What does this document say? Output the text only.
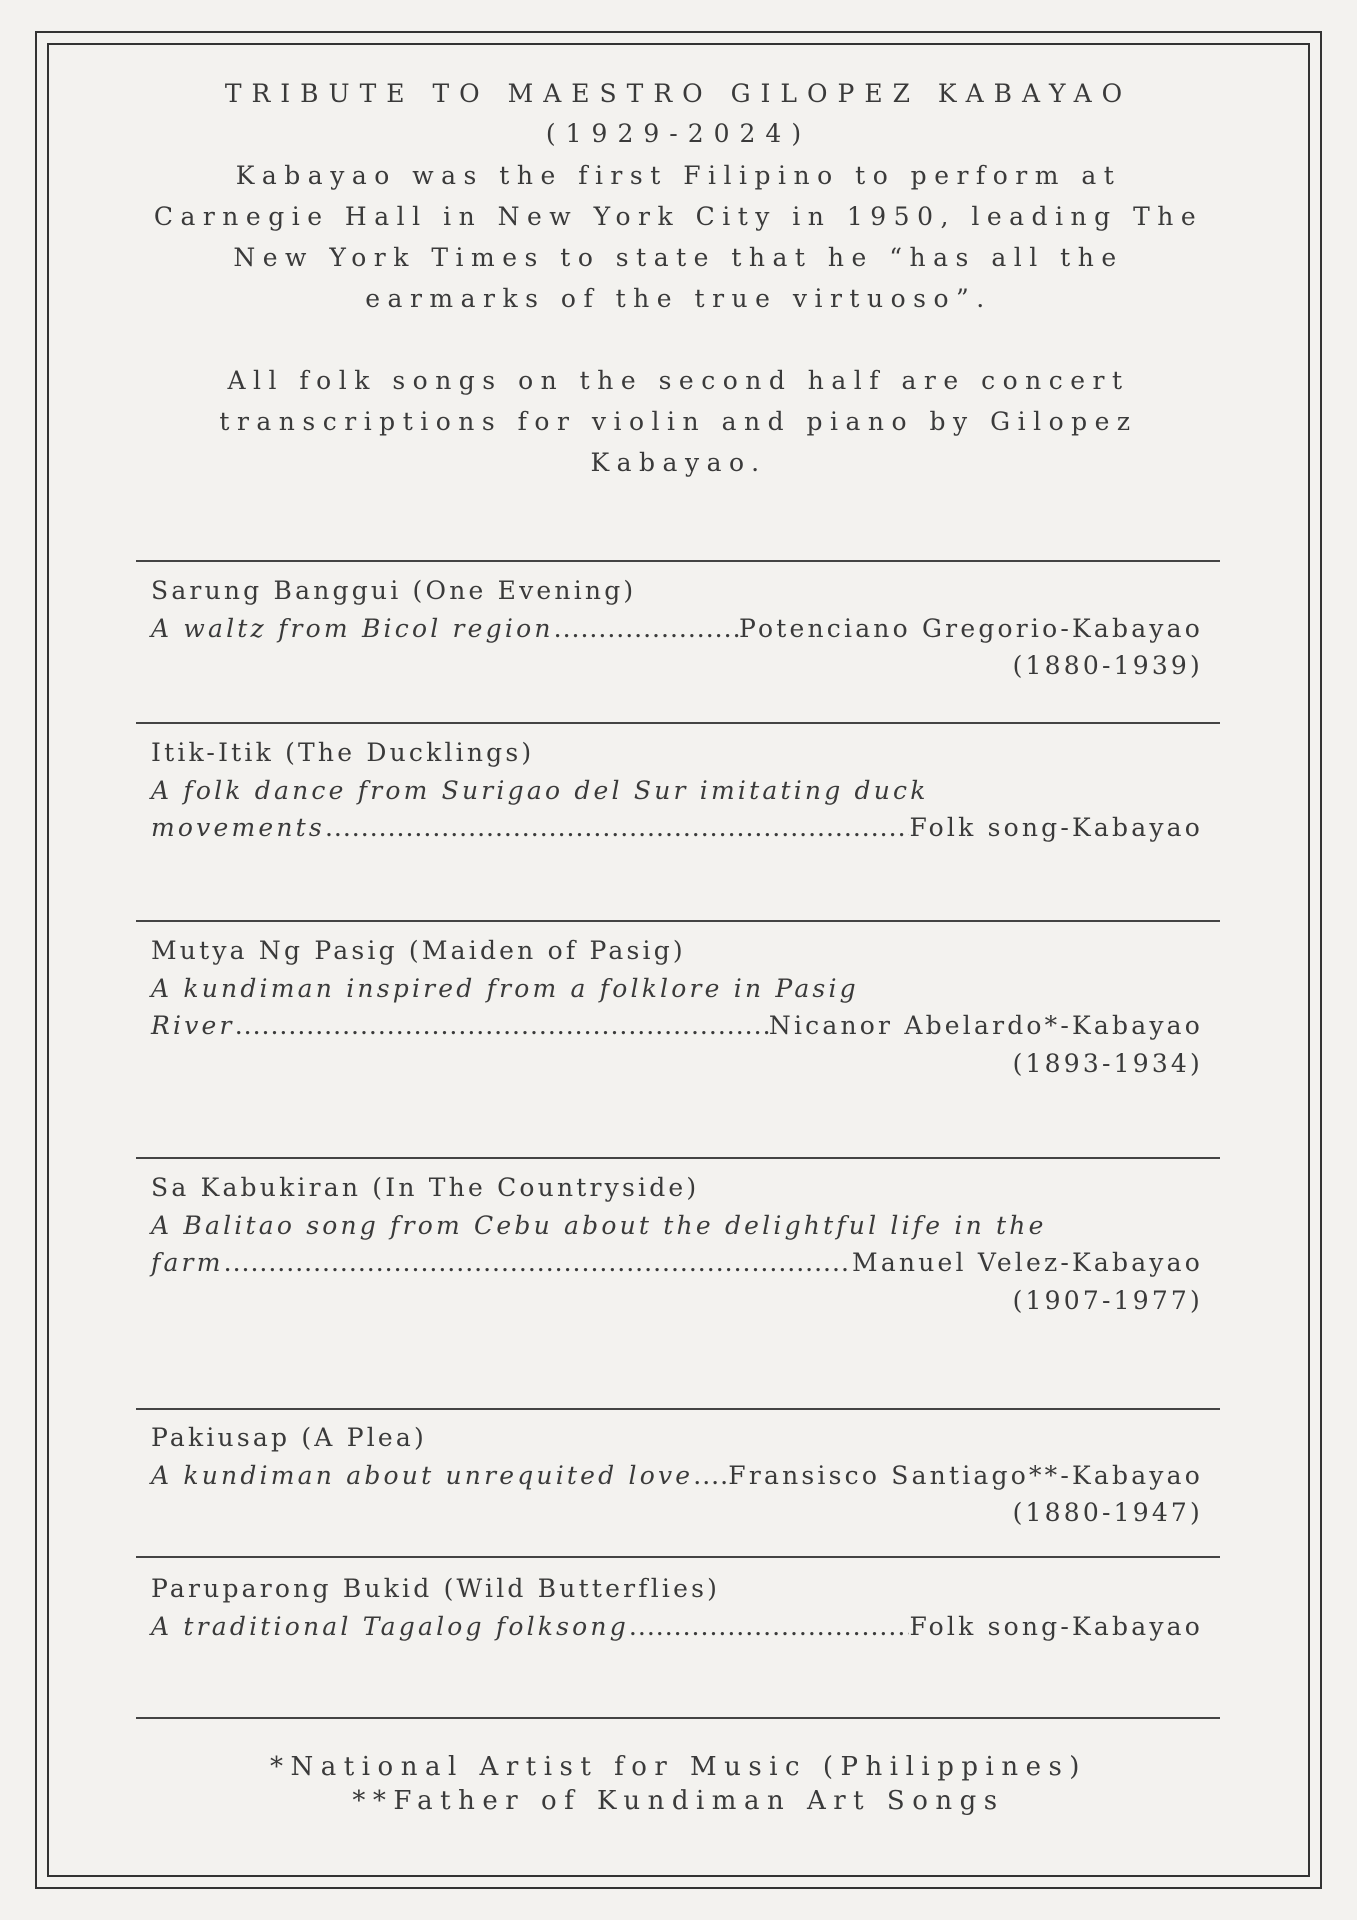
TRIBUTE TO MAESTRO GILOPEZ KABAYAO
(1929-2024)
Kabayao was the first Filipino to perform at Carnegie Hall in New York City in 1950, leading The New York Times to state that he “has all the earmarks of the true virtuoso”.
All folk songs on the second half are concert transcriptions for violin and piano by Gilopez Kabayao.
Sarung Banggui (One Evening)
A waltz from Bicol region .....	Potenciano Gregorio-Kabayao
(1880-1939)
Itik-Itik (The Ducklings)
A folk dance from Surigao del Sur imitating duck
movements .....	Folk song-Kabayao
Mutya Ng Pasig (Maiden of Pasig)
A kundiman inspired from a folklore in Pasig
River .....	Nicanor Abelardo*-Kabayao
(1893-1934)
Sa Kabukiran (In The Countryside)
A Balitao song from Cebu about the delightful life in the
farm .....	Manuel Velez-Kabayao
(1907-1977)
Pakiusap (A Plea)
A kundiman about unrequited love ..... Fransisco Santiago**-Kabayao
(1880-1947)
Paruparong Bukid (Wild Butterflies)
A traditional Tagalog folksong .....	Folk song-Kabayao
*National Artist for Music (Philippines)
**Father of Kundiman Art Songs
